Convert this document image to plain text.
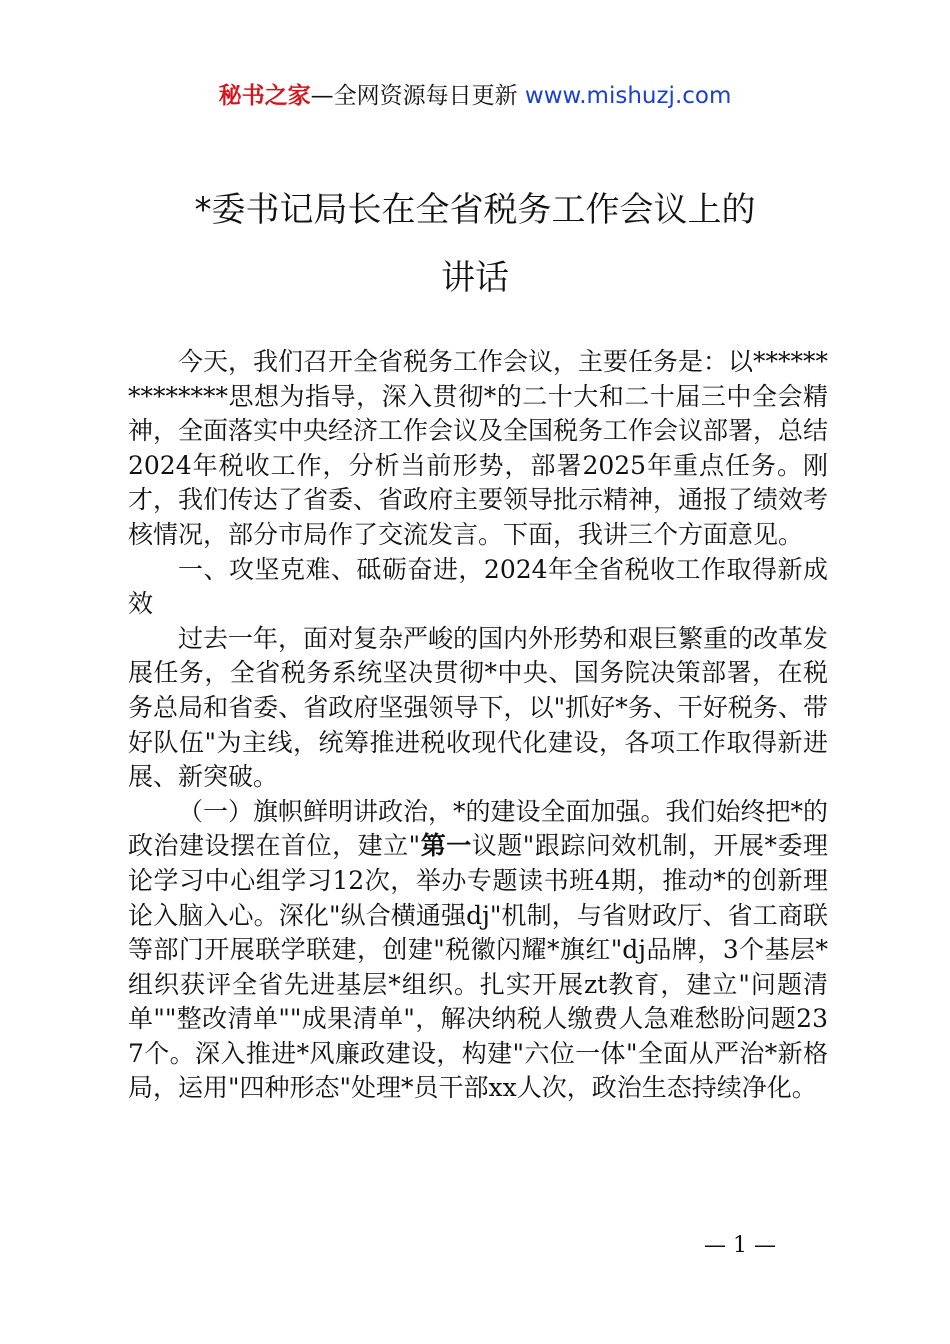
秘书之家—全网资源每日更新 www.mishuzj.com
*委书记局长在全省税务工作会议上的
讲话

今天，我们召开全省税务工作会议，主要任务是：以**************思想为指导，深入贯彻*的二十大和二十届三中全会精神，全面落实中央经济工作会议及全国税务工作会议部署，总结2024年税收工作，分析当前形势，部署2025年重点任务。刚才，我们传达了省委、省政府主要领导批示精神，通报了绩效考核情况，部分市局作了交流发言。下面，我讲三个方面意见。

一、攻坚克难、砥砺奋进，2024年全省税收工作取得新成效

过去一年，面对复杂严峻的国内外形势和艰巨繁重的改革发展任务，全省税务系统坚决贯彻*中央、国务院决策部署，在税务总局和省委、省政府坚强领导下，以"抓好*务、干好税务、带好队伍"为主线，统筹推进税收现代化建设，各项工作取得新进展、新突破。

（一）旗帜鲜明讲政治，*的建设全面加强。我们始终把*的政治建设摆在首位，建立"第一议题"跟踪问效机制，开展*委理论学习中心组学习12次，举办专题读书班4期，推动*的创新理论入脑入心。深化"纵合横通强dj"机制，与省财政厅、省工商联等部门开展联学联建，创建"税徽闪耀*旗红"dj品牌，3个基层*组织获评全省先进基层*组织。扎实开展zt教育，建立"问题清单""整改清单""成果清单"，解决纳税人缴费人急难愁盼问题237个。深入推进*风廉政建设，构建"六位一体"全面从严治*新格局，运用"四种形态"处理*员干部xx人次，政治生态持续净化。

— 1 —
